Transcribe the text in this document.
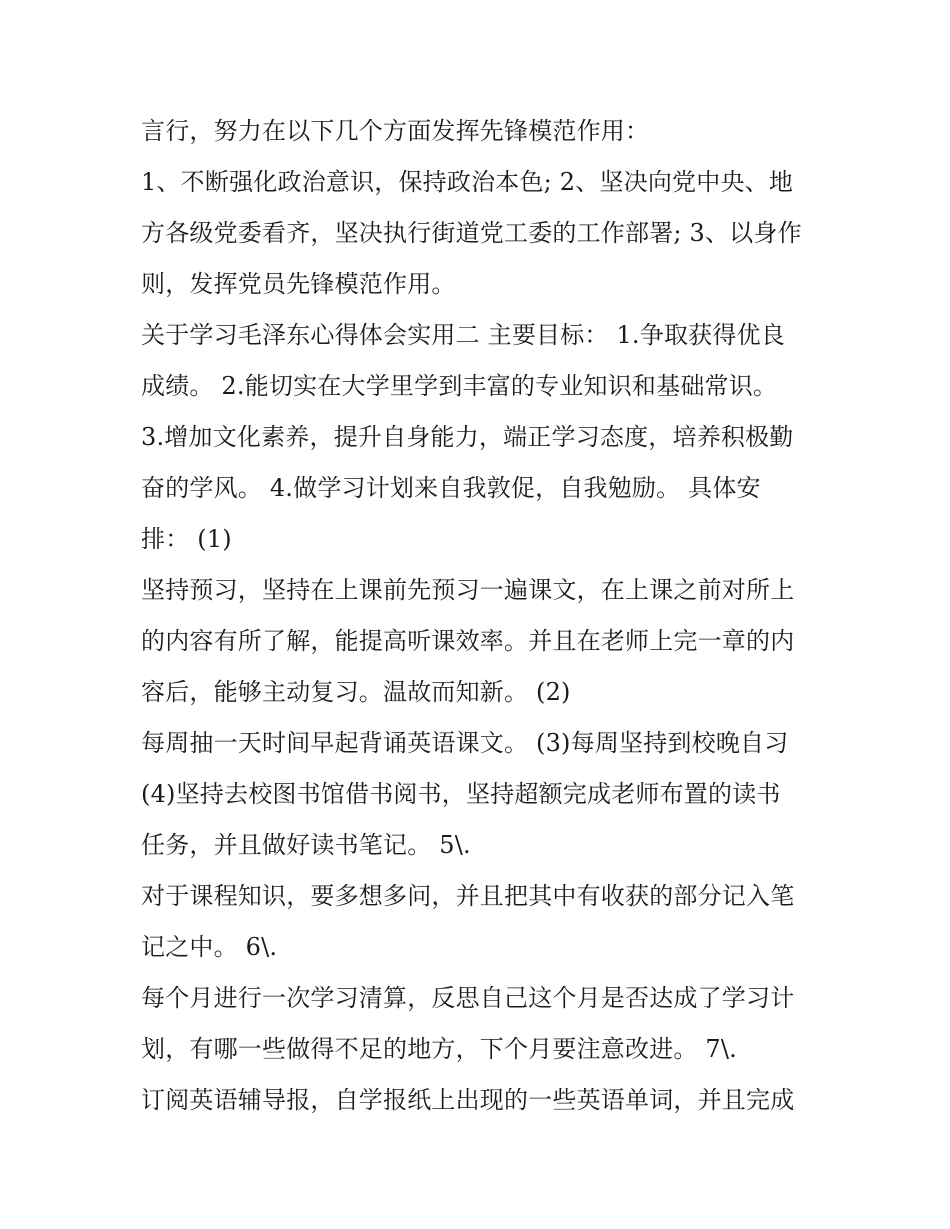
言行，努力在以下几个方面发挥先锋模范作用：
1、不断强化政治意识，保持政治本色; 2、坚决向党中央、地
方各级党委看齐，坚决执行街道党工委的工作部署; 3、以身作
则，发挥党员先锋模范作用。
关于学习毛泽东心得体会实用二 主要目标： 1.争取获得优良
成绩。 2.能切实在大学里学到丰富的专业知识和基础常识。
3.增加文化素养，提升自身能力，端正学习态度，培养积极勤
奋的学风。 4.做学习计划来自我敦促，自我勉励。 具体安
排： (1)
坚持预习，坚持在上课前先预习一遍课文，在上课之前对所上
的内容有所了解，能提高听课效率。并且在老师上完一章的内
容后，能够主动复习。温故而知新。 (2)
每周抽一天时间早起背诵英语课文。 (3)每周坚持到校晚自习
(4)坚持去校图书馆借书阅书，坚持超额完成老师布置的读书
任务，并且做好读书笔记。 5\.
对于课程知识，要多想多问，并且把其中有收获的部分记入笔
记之中。 6\.
每个月进行一次学习清算，反思自己这个月是否达成了学习计
划，有哪一些做得不足的地方，下个月要注意改进。 7\.
订阅英语辅导报，自学报纸上出现的一些英语单词，并且完成
